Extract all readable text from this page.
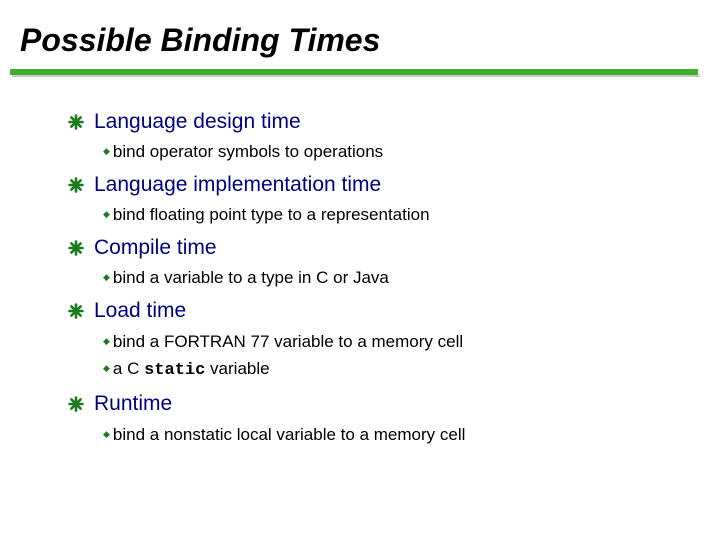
Possible Binding Times
Language design time
◆ bind operator symbols to operations
Language implementation time
◆ bind floating point type to a representation
Compile time
◆ bind a variable to a type in C or Java
Load time
◆ bind a FORTRAN 77 variable to a memory cell
◆ a C static variable
Runtime
◆ bind a nonstatic local variable to a memory cell
